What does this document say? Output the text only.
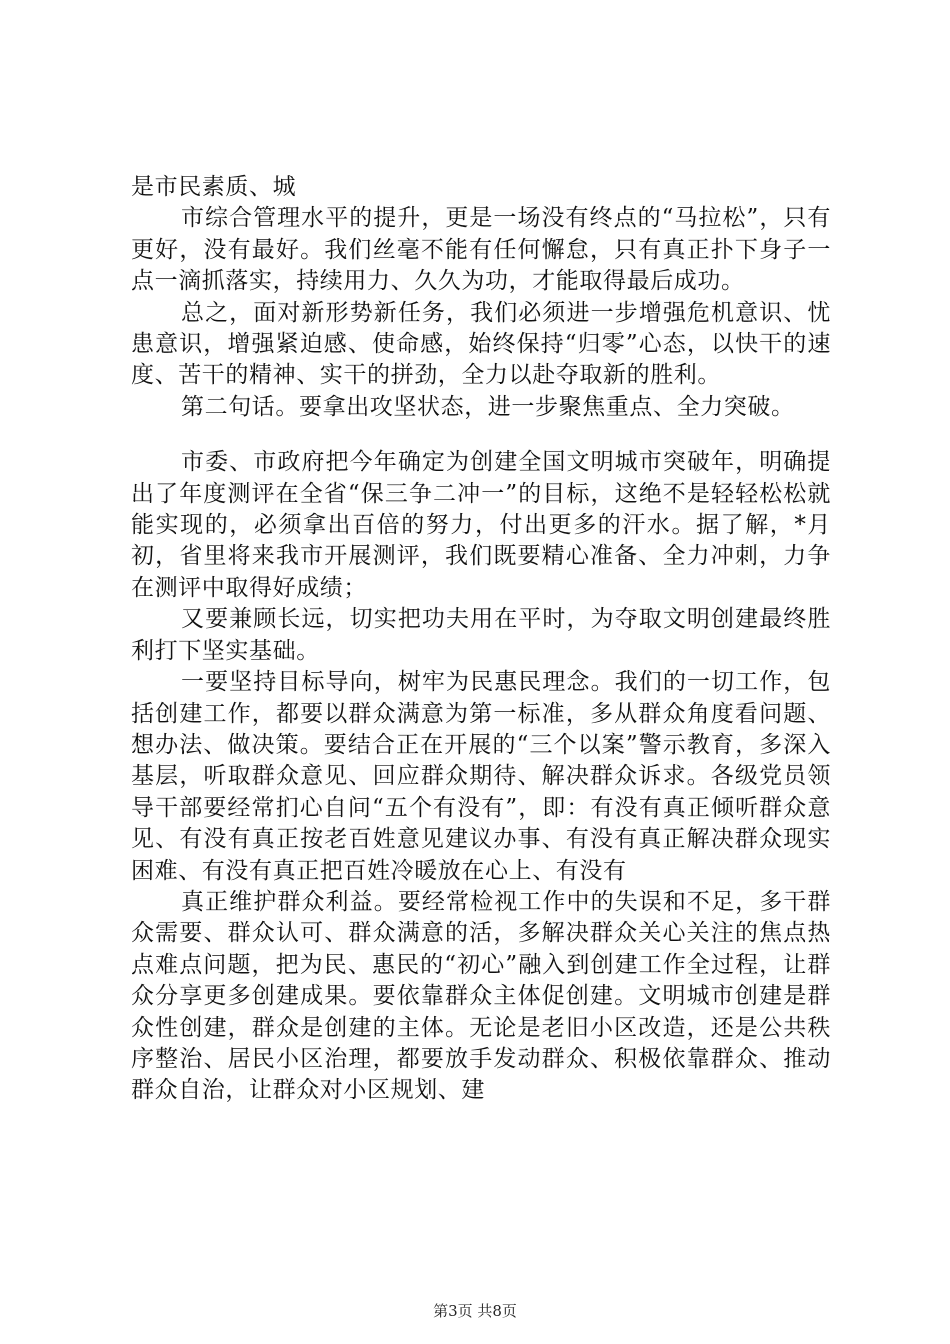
是市民素质、城

市综合管理水平的提升，更是一场没有终点的“马拉松”，只有更好，没有最好。我们丝毫不能有任何懈怠，只有真正扑下身子一点一滴抓落实，持续用力、久久为功，才能取得最后成功。

总之，面对新形势新任务，我们必须进一步增强危机意识、忧患意识，增强紧迫感、使命感，始终保持“归零”心态，以快干的速度、苦干的精神、实干的拼劲，全力以赴夺取新的胜利。

第二句话。要拿出攻坚状态，进一步聚焦重点、全力突破。

市委、市政府把今年确定为创建全国文明城市突破年，明确提出了年度测评在全省“保三争二冲一”的目标，这绝不是轻轻松松就能实现的，必须拿出百倍的努力，付出更多的汗水。据了解，*月初，省里将来我市开展测评，我们既要精心准备、全力冲刺，力争在测评中取得好成绩；

又要兼顾长远，切实把功夫用在平时，为夺取文明创建最终胜利打下坚实基础。

一要坚持目标导向，树牢为民惠民理念。我们的一切工作，包括创建工作，都要以群众满意为第一标准，多从群众角度看问题、想办法、做决策。要结合正在开展的“三个以案”警示教育，多深入基层，听取群众意见、回应群众期待、解决群众诉求。各级党员领导干部要经常扪心自问“五个有没有”，即：有没有真正倾听群众意见、有没有真正按老百姓意见建议办事、有没有真正解决群众现实困难、有没有真正把百姓冷暖放在心上、有没有

真正维护群众利益。要经常检视工作中的失误和不足，多干群众需要、群众认可、群众满意的活，多解决群众关心关注的焦点热点难点问题，把为民、惠民的“初心”融入到创建工作全过程，让群众分享更多创建成果。要依靠群众主体促创建。文明城市创建是群众性创建，群众是创建的主体。无论是老旧小区改造，还是公共秩序整治、居民小区治理，都要放手发动群众、积极依靠群众、推动群众自治，让群众对小区规划、建

第3页 共8页
